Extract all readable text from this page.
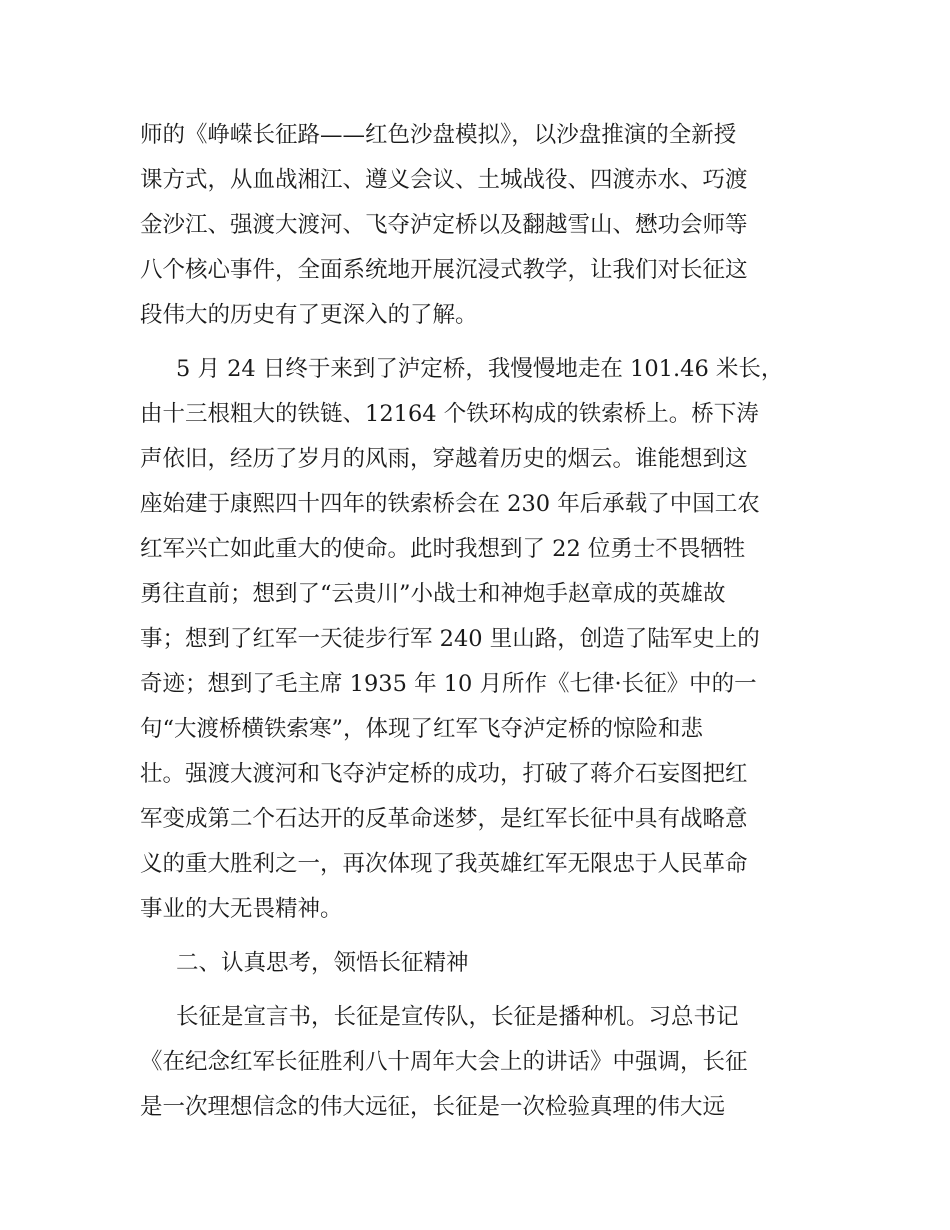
师的《峥嵘长征路——红色沙盘模拟》，以沙盘推演的全新授
课方式，从血战湘江、遵义会议、土城战役、四渡赤水、巧渡
金沙江、强渡大渡河、飞夺泸定桥以及翻越雪山、懋功会师等
八个核心事件，全面系统地开展沉浸式教学，让我们对长征这
段伟大的历史有了更深入的了解。
5 月 24 日终于来到了泸定桥，我慢慢地走在 101.46 米长，
由十三根粗大的铁链、12164 个铁环构成的铁索桥上。桥下涛
声依旧，经历了岁月的风雨，穿越着历史的烟云。谁能想到这
座始建于康熙四十四年的铁索桥会在 230 年后承载了中国工农
红军兴亡如此重大的使命。此时我想到了 22 位勇士不畏牺牲
勇往直前；想到了“云贵川”小战士和神炮手赵章成的英雄故
事；想到了红军一天徒步行军 240 里山路，创造了陆军史上的
奇迹；想到了毛主席 1935 年 10 月所作《七律·长征》中的一
句“大渡桥横铁索寒”，体现了红军飞夺泸定桥的惊险和悲
壮。强渡大渡河和飞夺泸定桥的成功，打破了蒋介石妄图把红
军变成第二个石达开的反革命迷梦，是红军长征中具有战略意
义的重大胜利之一，再次体现了我英雄红军无限忠于人民革命
事业的大无畏精神。
二、认真思考，领悟长征精神
长征是宣言书，长征是宣传队，长征是播种机。习总书记
《在纪念红军长征胜利八十周年大会上的讲话》中强调，长征
是一次理想信念的伟大远征，长征是一次检验真理的伟大远
